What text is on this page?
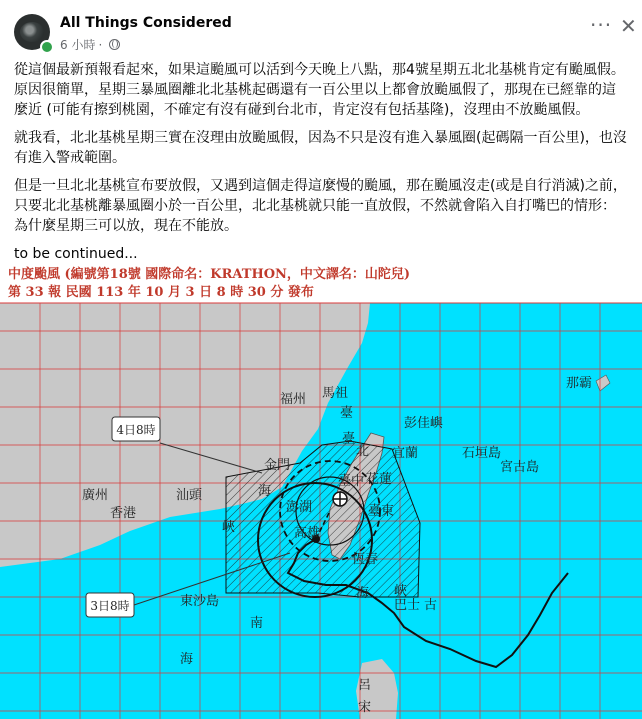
All Things Considered
6 小時 ·
··· ✕

從這個最新預報看起來，如果這颱風可以活到今天晚上八點，那4號星期五北北基桃肯定有颱風假。原因很簡單，星期三暴風圈離北北基桃起碼還有一百公里以上都會放颱風假了，那現在已經靠的這麼近 (可能有擦到桃園，不確定有沒有碰到台北市，肯定沒有包括基隆)，沒理由不放颱風假。

就我看，北北基桃星期三實在沒理由放颱風假，因為不只是沒有進入暴風圈(起碼隔一百公里)，也沒有進入警戒範圍。

但是一旦北北基桃宣布要放假，又遇到這個走得這麼慢的颱風，那在颱風沒走(或是自行消滅)之前，只要北北基桃離暴風圈小於一百公里，北北基桃就只能一直放假，不然就會陷入自打嘴巴的情形：為什麼星期三可以放，現在不能放。

to be continued...

4日8時
3日8時
福州 馬祖
彭佳嶼
那霸
臺
北 宜蘭	石垣島
宮古島
金門
海
廣州
香港
汕頭
峽
臺中 花蓮
澎湖	臺東
高雄
恆春
東沙島
南
海
巴士 古
呂
宋
臺
海 峽
中度颱風 (編號第18號 國際命名：KRATHON，中文譯名：山陀兒)
第 33 報 民國 113 年 10 月 3 日 8 時 30 分 發布
